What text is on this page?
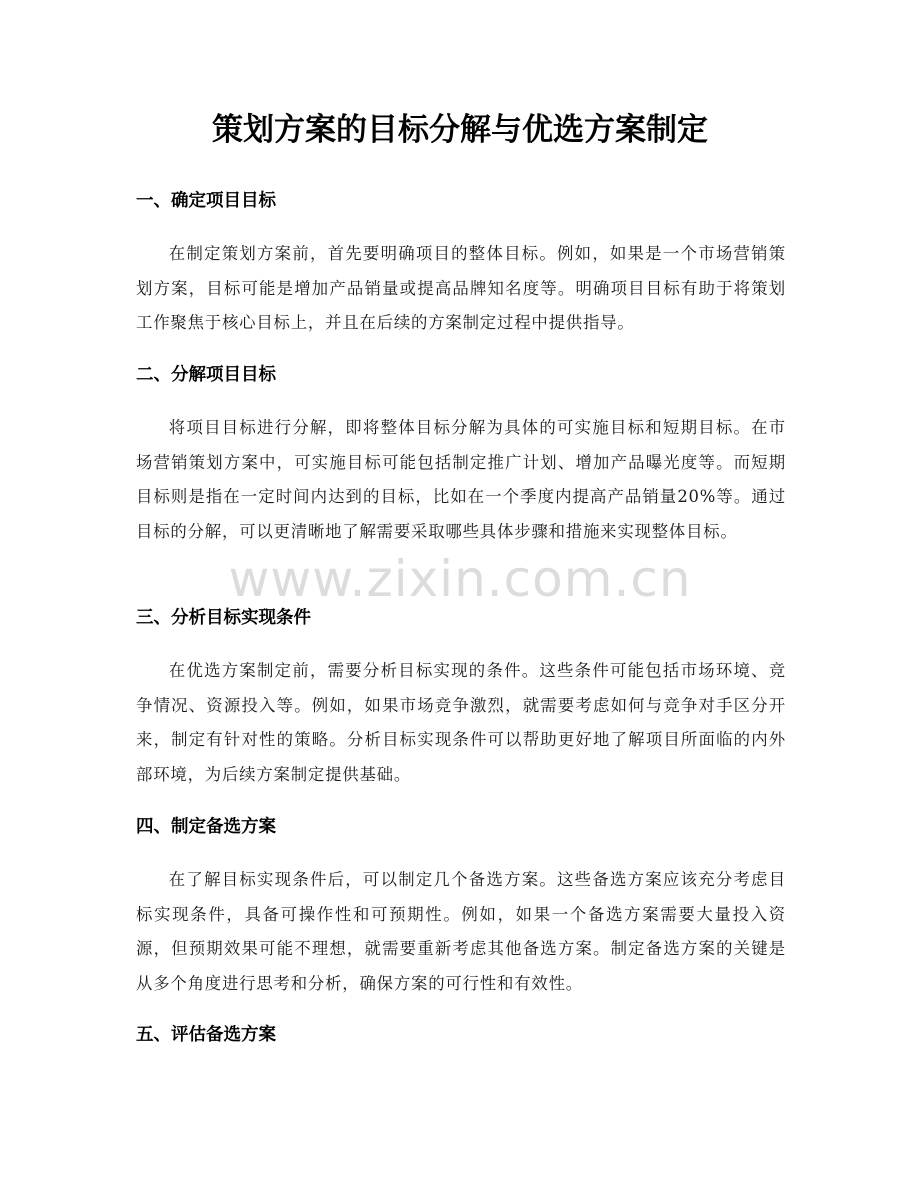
策划方案的目标分解与优选方案制定
一、确定项目目标

在制定策划方案前，首先要明确项目的整体目标。例如，如果是一个市场营销策划方案，目标可能是增加产品销量或提高品牌知名度等。明确项目目标有助于将策划工作聚焦于核心目标上，并且在后续的方案制定过程中提供指导。

二、分解项目目标

将项目目标进行分解，即将整体目标分解为具体的可实施目标和短期目标。在市场营销策划方案中，可实施目标可能包括制定推广计划、增加产品曝光度等。而短期目标则是指在一定时间内达到的目标，比如在一个季度内提高产品销量20%等。通过目标的分解，可以更清晰地了解需要采取哪些具体步骤和措施来实现整体目标。

三、分析目标实现条件

在优选方案制定前，需要分析目标实现的条件。这些条件可能包括市场环境、竞争情况、资源投入等。例如，如果市场竞争激烈，就需要考虑如何与竞争对手区分开来，制定有针对性的策略。分析目标实现条件可以帮助更好地了解项目所面临的内外部环境，为后续方案制定提供基础。

四、制定备选方案

在了解目标实现条件后，可以制定几个备选方案。这些备选方案应该充分考虑目标实现条件，具备可操作性和可预期性。例如，如果一个备选方案需要大量投入资源，但预期效果可能不理想，就需要重新考虑其他备选方案。制定备选方案的关键是从多个角度进行思考和分析，确保方案的可行性和有效性。

五、评估备选方案
www.zixin.com.cn
